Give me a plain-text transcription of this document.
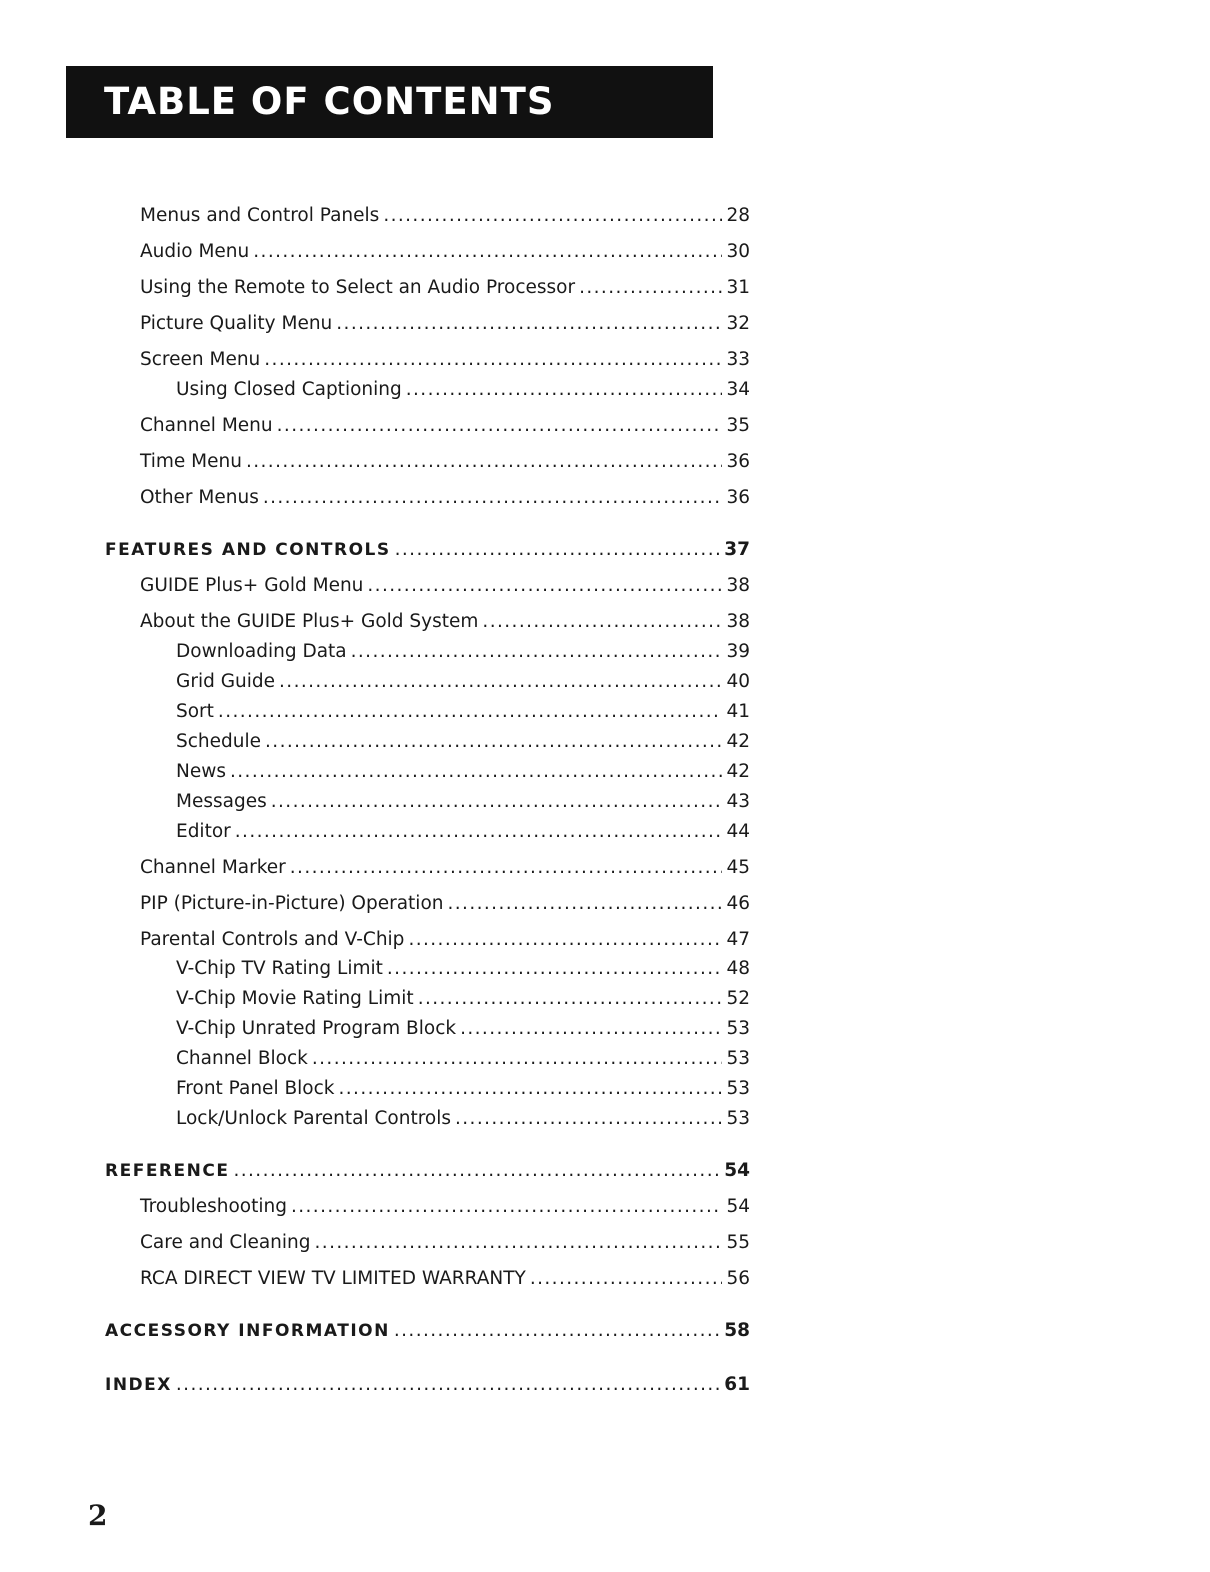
TABLE OF CONTENTS
Menus and Control Panels .....	28
Audio Menu .....	30
Using the Remote to Select an Audio Processor .....	31
Picture Quality Menu .....	32
Screen Menu .....	33
Using Closed Captioning .....	34
Channel Menu .....	35
Time Menu .....	36
Other Menus .....	36
FEATURES AND CONTROLS .....	37
GUIDE Plus+ Gold Menu .....	38
About the GUIDE Plus+ Gold System .....	38
Downloading Data .....	39
Grid Guide .....	40
Sort .....	41
Schedule .....	42
News .....	42
Messages .....	43
Editor .....	44
Channel Marker .....	45
PIP (Picture-in-Picture) Operation .....	46
Parental Controls and V-Chip .....	47
V-Chip TV Rating Limit .....	48
V-Chip Movie Rating Limit .....	52
V-Chip Unrated Program Block .....	53
Channel Block .....	53
Front Panel Block .....	53
Lock/Unlock Parental Controls .....	53
REFERENCE .....	54
Troubleshooting .....	54
Care and Cleaning .....	55
RCA DIRECT VIEW TV LIMITED WARRANTY .....	56
ACCESSORY INFORMATION .....	58
INDEX .....	61
2
